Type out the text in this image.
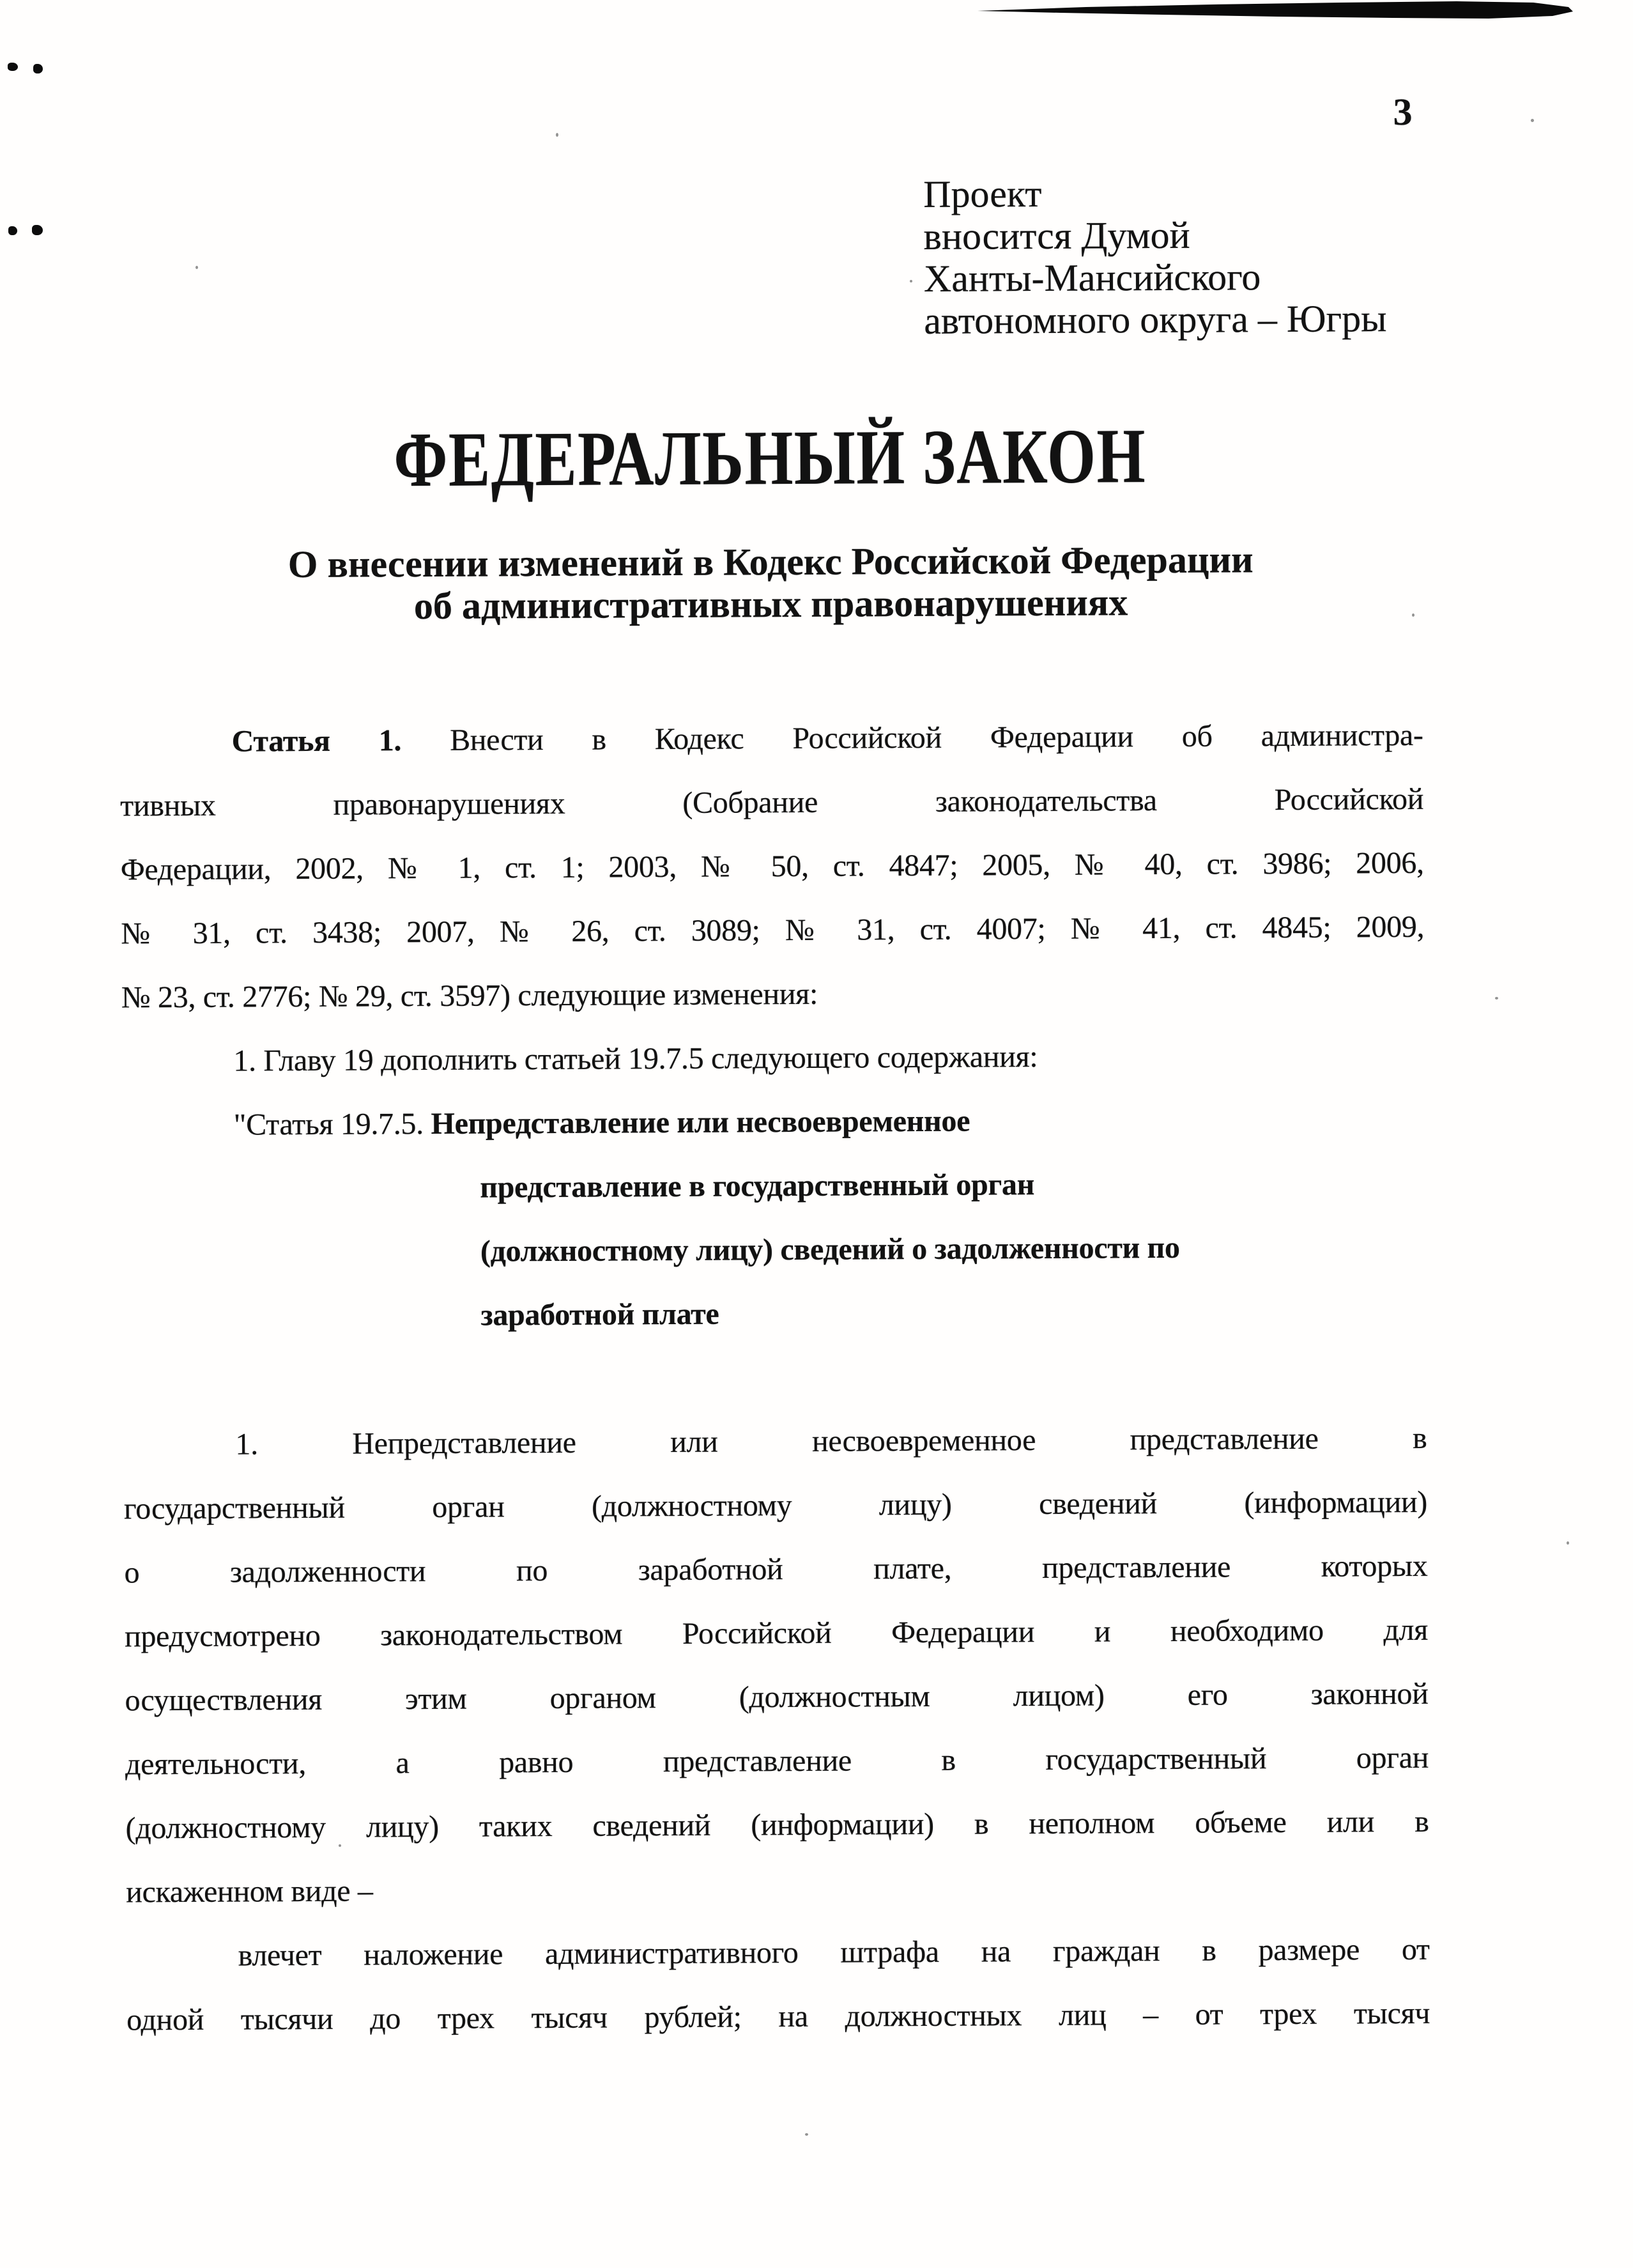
3
Проект
вносится Думой
Ханты-Мансийского
автономного округа – Югры
ФЕДЕРАЛЬНЫЙ ЗАКОН
О внесении изменений в Кодекс Российской Федерации
об административных правонарушениях
Статья 1. Внести в Кодекс Российской Федерации об администра-
тивных правонарушениях (Собрание законодательства Российской
Федерации, 2002, № 1, ст. 1; 2003, № 50, ст. 4847; 2005, № 40, ст. 3986; 2006,
№ 31, ст. 3438; 2007, № 26, ст. 3089; № 31, ст. 4007; № 41, ст. 4845; 2009,
№ 23, ст. 2776; № 29, ст. 3597) следующие изменения:
1. Главу 19 дополнить статьей 19.7.5 следующего содержания:
"Статья 19.7.5. Непредставление или несвоевременное
представление в государственный орган
(должностному лицу) сведений о задолженности по
заработной плате
1. Непредставление или несвоевременное представление в
государственный орган (должностному лицу) сведений (информации)
о задолженности по заработной плате, представление которых
предусмотрено законодательством Российской Федерации и необходимо для
осуществления этим органом (должностным лицом) его законной
деятельности, а равно представление в государственный орган
(должностному лицу) таких сведений (информации) в неполном объеме или в
искаженном виде –
влечет наложение административного штрафа на граждан в размере от
одной тысячи до трех тысяч рублей; на должностных лиц – от трех тысяч
